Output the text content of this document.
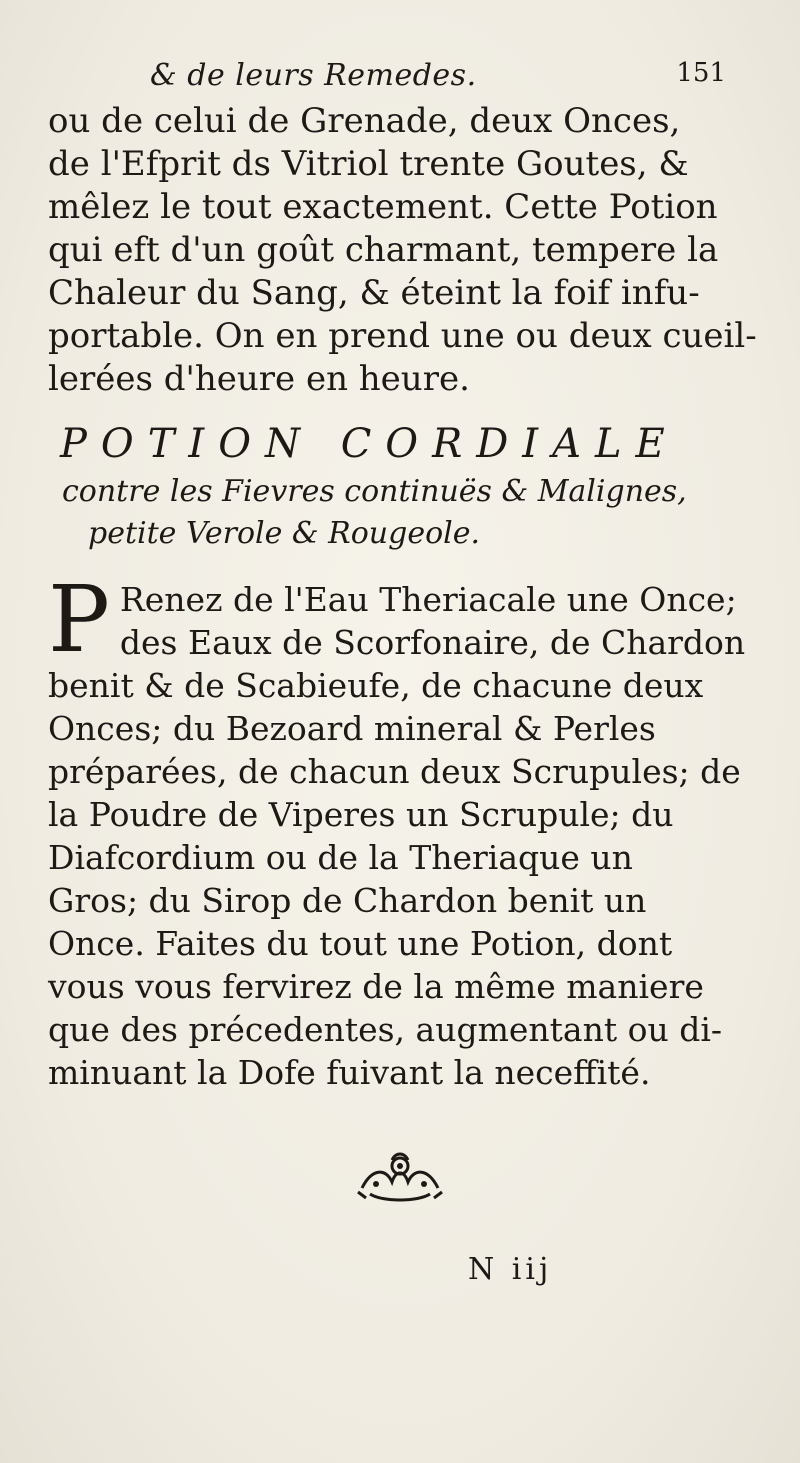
& de leurs Remedes.	151
ou de celui de Grenade, deux Onces,
de l'Efprit ds Vitriol trente Goutes, &
mêlez le tout exactement. Cette Potion
qui eft d'un goût charmant, tempere la
Chaleur du Sang, & éteint la foif infu-
portable. On en prend une ou deux cueil-
lerées d'heure en heure.
POTION CORDIALE
contre les Fievres continuës & Malignes,
petite Verole & Rougeole.
P Renez de l'Eau Theriacale une Once;
des Eaux de Scorfonaire, de Chardon
benit & de Scabieufe, de chacune deux
Onces; du Bezoard mineral & Perles
préparées, de chacun deux Scrupules; de
la Poudre de Viperes un Scrupule; du
Diafcordium ou de la Theriaque un
Gros; du Sirop de Chardon benit un
Once. Faites du tout une Potion, dont
vous vous fervirez de la même maniere
que des précedentes, augmentant ou di-
minuant la Dofe fuivant la neceffité.
N iij
